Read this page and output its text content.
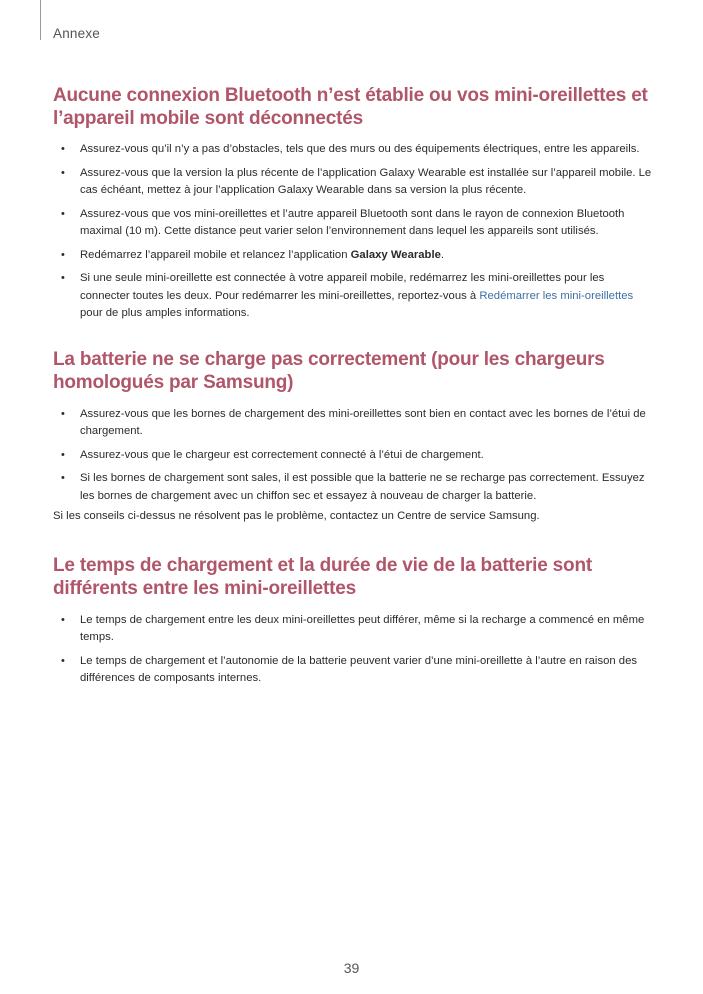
Annexe
Aucune connexion Bluetooth n’est établie ou vos mini-oreillettes et l’appareil mobile sont déconnectés
• Assurez-vous qu’il n’y a pas d’obstacles, tels que des murs ou des équipements électriques, entre les appareils.
• Assurez-vous que la version la plus récente de l’application Galaxy Wearable est installée sur l’appareil mobile. Le cas échéant, mettez à jour l’application Galaxy Wearable dans sa version la plus récente.
• Assurez-vous que vos mini-oreillettes et l’autre appareil Bluetooth sont dans le rayon de connexion Bluetooth maximal (10 m). Cette distance peut varier selon l’environnement dans lequel les appareils sont utilisés.
• Redémarrez l’appareil mobile et relancez l’application Galaxy Wearable.
• Si une seule mini-oreillette est connectée à votre appareil mobile, redémarrez les mini-oreillettes pour les connecter toutes les deux. Pour redémarrer les mini-oreillettes, reportez-vous à Redémarrer les mini-oreillettes pour de plus amples informations.
La batterie ne se charge pas correctement (pour les chargeurs homologués par Samsung)
• Assurez-vous que les bornes de chargement des mini-oreillettes sont bien en contact avec les bornes de l’étui de chargement.
• Assurez-vous que le chargeur est correctement connecté à l’étui de chargement.
• Si les bornes de chargement sont sales, il est possible que la batterie ne se recharge pas correctement. Essuyez les bornes de chargement avec un chiffon sec et essayez à nouveau de charger la batterie.

Si les conseils ci-dessus ne résolvent pas le problème, contactez un Centre de service Samsung.

Le temps de chargement et la durée de vie de la batterie sont différents entre les mini-oreillettes
• Le temps de chargement entre les deux mini-oreillettes peut différer, même si la recharge a commencé en même temps.
• Le temps de chargement et l’autonomie de la batterie peuvent varier d’une mini-oreillette à l’autre en raison des différences de composants internes.
39
